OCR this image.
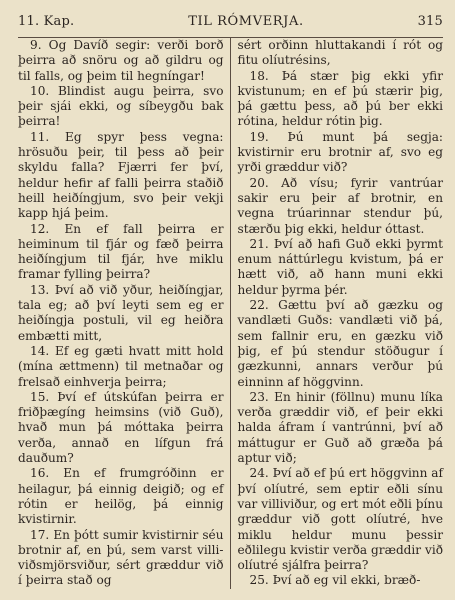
11. Kap.	TIL RÓMVERJA.	315

9. Og Davíð segir: verði borð þeirra að snöru og að gildru og til falls, og þeim til hegníngar!

10. Blindist augu þeirra, svo þeir sjái ekki, og síbeygðu bak þeirra!

11. Eg spyr þess vegna: hrösuðu þeir, til þess að þeir skyldu falla? Fjærri fer því, heldur hefir af falli þeirra staðið heill heiðíngjum, svo þeir vekji kapp hjá þeim.

12. En ef fall þeirra er heiminum til fjár og fæð þeirra heiðíngjum til fjár, hve miklu framar fylling þeirra?

13. Því að við yður, heiðíngjar, tala eg; að því leyti sem eg er heiðíngja postuli, vil eg heiðra embætti mitt,

14. Ef eg gæti hvatt mitt hold (mína ættmenn) til metnaðar og frelsað einhverja þeirra;

15. Því ef útskúfan þeirra er friðþægíng heimsins (við Guð), hvað mun þá móttaka þeirra verða, annað en lífgun frá dauðum?

16. En ef frumgróðinn er heilagur, þá einnig deigið; og ef rótin er heilög, þá einnig kvistirnir.

17. En þótt sumir kvistirnir séu brotnir af, en þú, sem varst villi-viðsmjörsviður, sért græddur við í þeirra stað og

sért orðinn hluttakandi í rót og fitu olíutrésins,

18. Þá stær þig ekki yfir kvistunum; en ef þú stærir þig, þá gættu þess, að þú ber ekki rótina, heldur rótin þig.

19. Þú munt þá segja: kvistirnir eru brotnir af, svo eg yrði græddur við?

20. Að vísu; fyrir vantrúar sakir eru þeir af brotnir, en vegna trúarinnar stendur þú, stærðu þig ekki, heldur óttast.

21. Því að hafi Guð ekki þyrmt enum náttúrlegu kvistum, þá er hætt við, að hann muni ekki heldur þyrma þér.

22. Gættu því að gæzku og vandlæti Guðs: vandlæti við þá, sem fallnir eru, en gæzku við þig, ef þú stendur stöðugur í gæzkunni, annars verður þú einninn af höggvinn.

23. En hinir (föllnu) munu líka verða græddir við, ef þeir ekki halda áfram í vantrúnni, því að máttugur er Guð að græða þá aptur við;

24. Því að ef þú ert höggvinn af því olíutré, sem eptir eðli sínu var villiviður, og ert mót eðli þínu græddur við gott olíutré, hve miklu heldur munu þessir eðlilegu kvistir verða græddir við olíutré sjálfra þeirra?

25. Því að eg vil ekki, bræð-
